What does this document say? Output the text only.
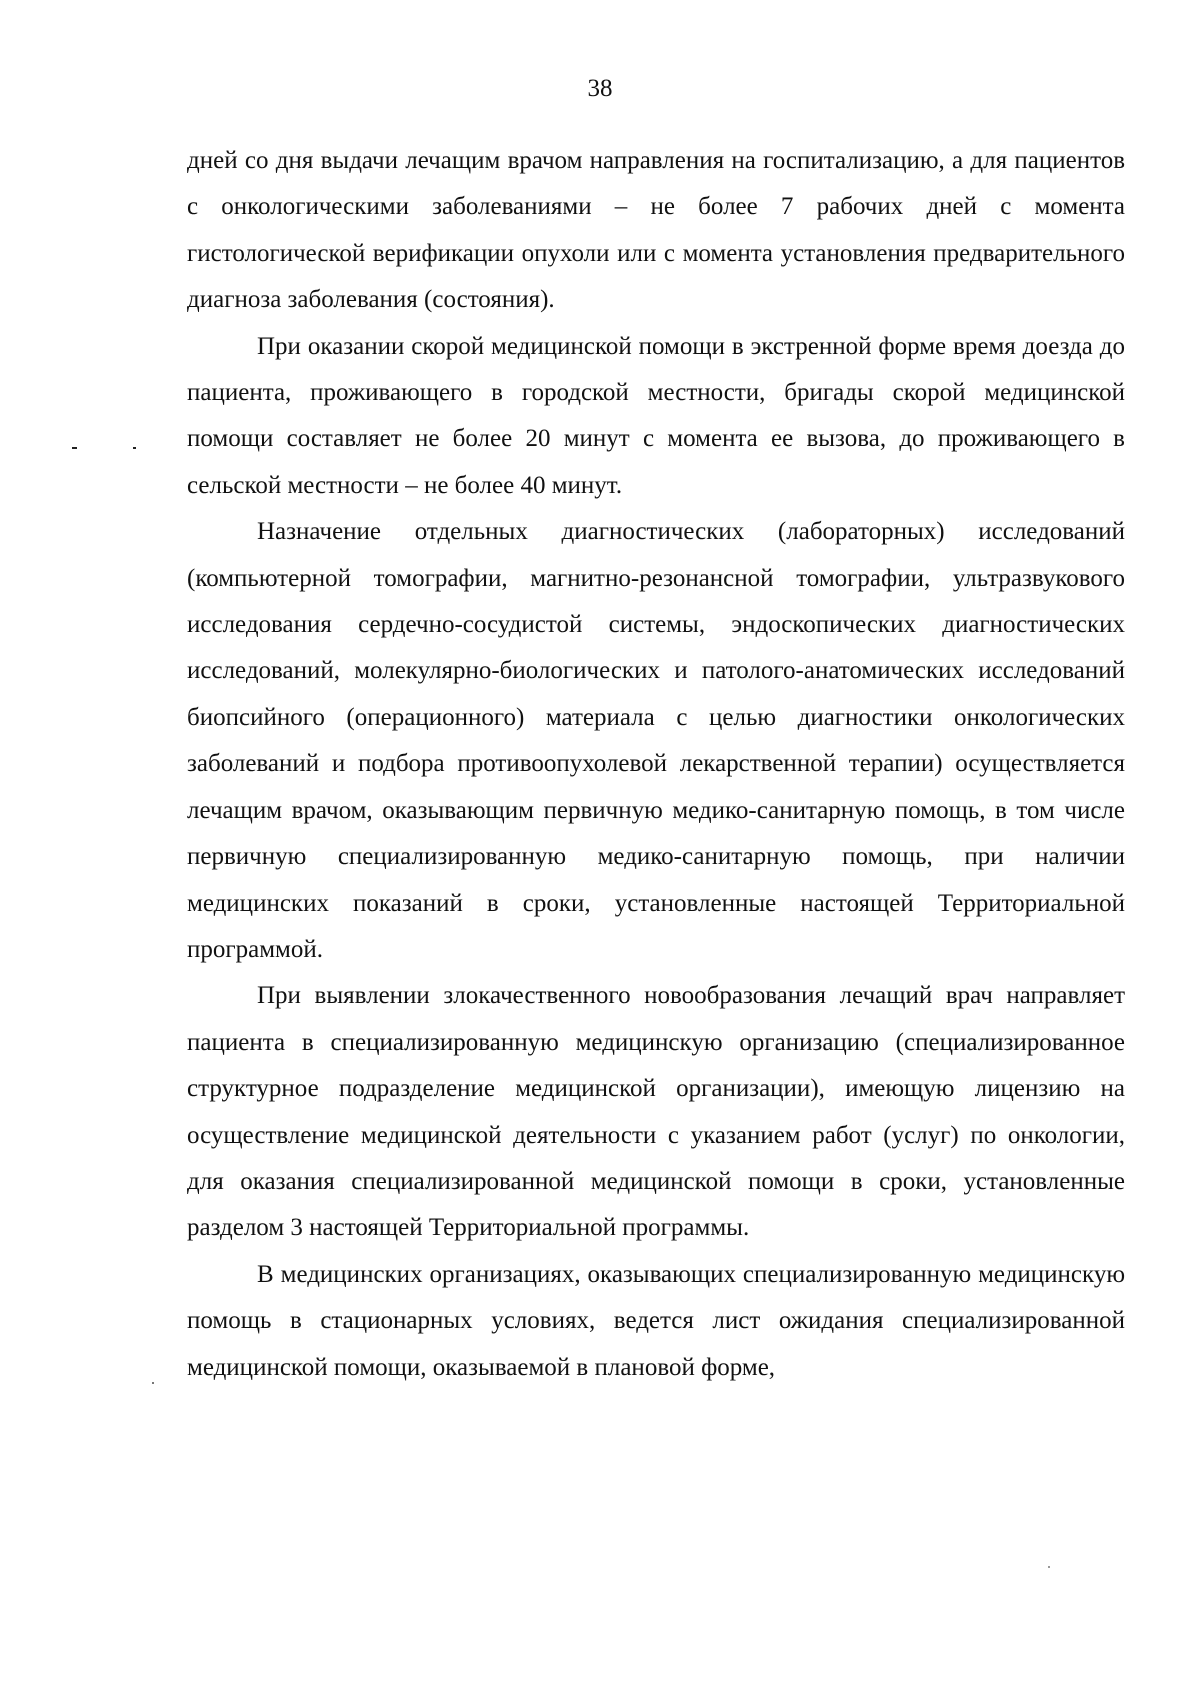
38

дней со дня выдачи лечащим врачом направления на госпитализацию, а для пациентов с онкологическими заболеваниями – не более 7 рабочих дней с момента гистологической верификации опухоли или с момента установления предварительного диагноза заболевания (состояния).

При оказании скорой медицинской помощи в экстренной форме время доезда до пациента, проживающего в городской местности, бригады скорой медицинской помощи составляет не более 20 минут с момента ее вызова, до проживающего в сельской местности – не более 40 минут.

Назначение отдельных диагностических (лабораторных) исследований (компьютерной томографии, магнитно-резонансной томографии, ультразвукового исследования сердечно-сосудистой системы, эндоскопических диагностических исследований, молекулярно-биологических и патолого-анатомических исследований биопсийного (операционного) материала с целью диагностики онкологических заболеваний и подбора противоопухолевой лекарственной терапии) осуществляется лечащим врачом, оказывающим первичную медико-санитарную помощь, в том числе первичную специализированную медико-санитарную помощь, при наличии медицинских показаний в сроки, установленные настоящей Территориальной программой.

При выявлении злокачественного новообразования лечащий врач направляет пациента в специализированную медицинскую организацию (специализированное структурное подразделение медицинской организации), имеющую лицензию на осуществление медицинской деятельности с указанием работ (услуг) по онкологии, для оказания специализированной медицинской помощи в сроки, установленные разделом 3 настоящей Территориальной программы.

В медицинских организациях, оказывающих специализированную медицинскую помощь в стационарных условиях, ведется лист ожидания специализированной медицинской помощи, оказываемой в плановой форме,
